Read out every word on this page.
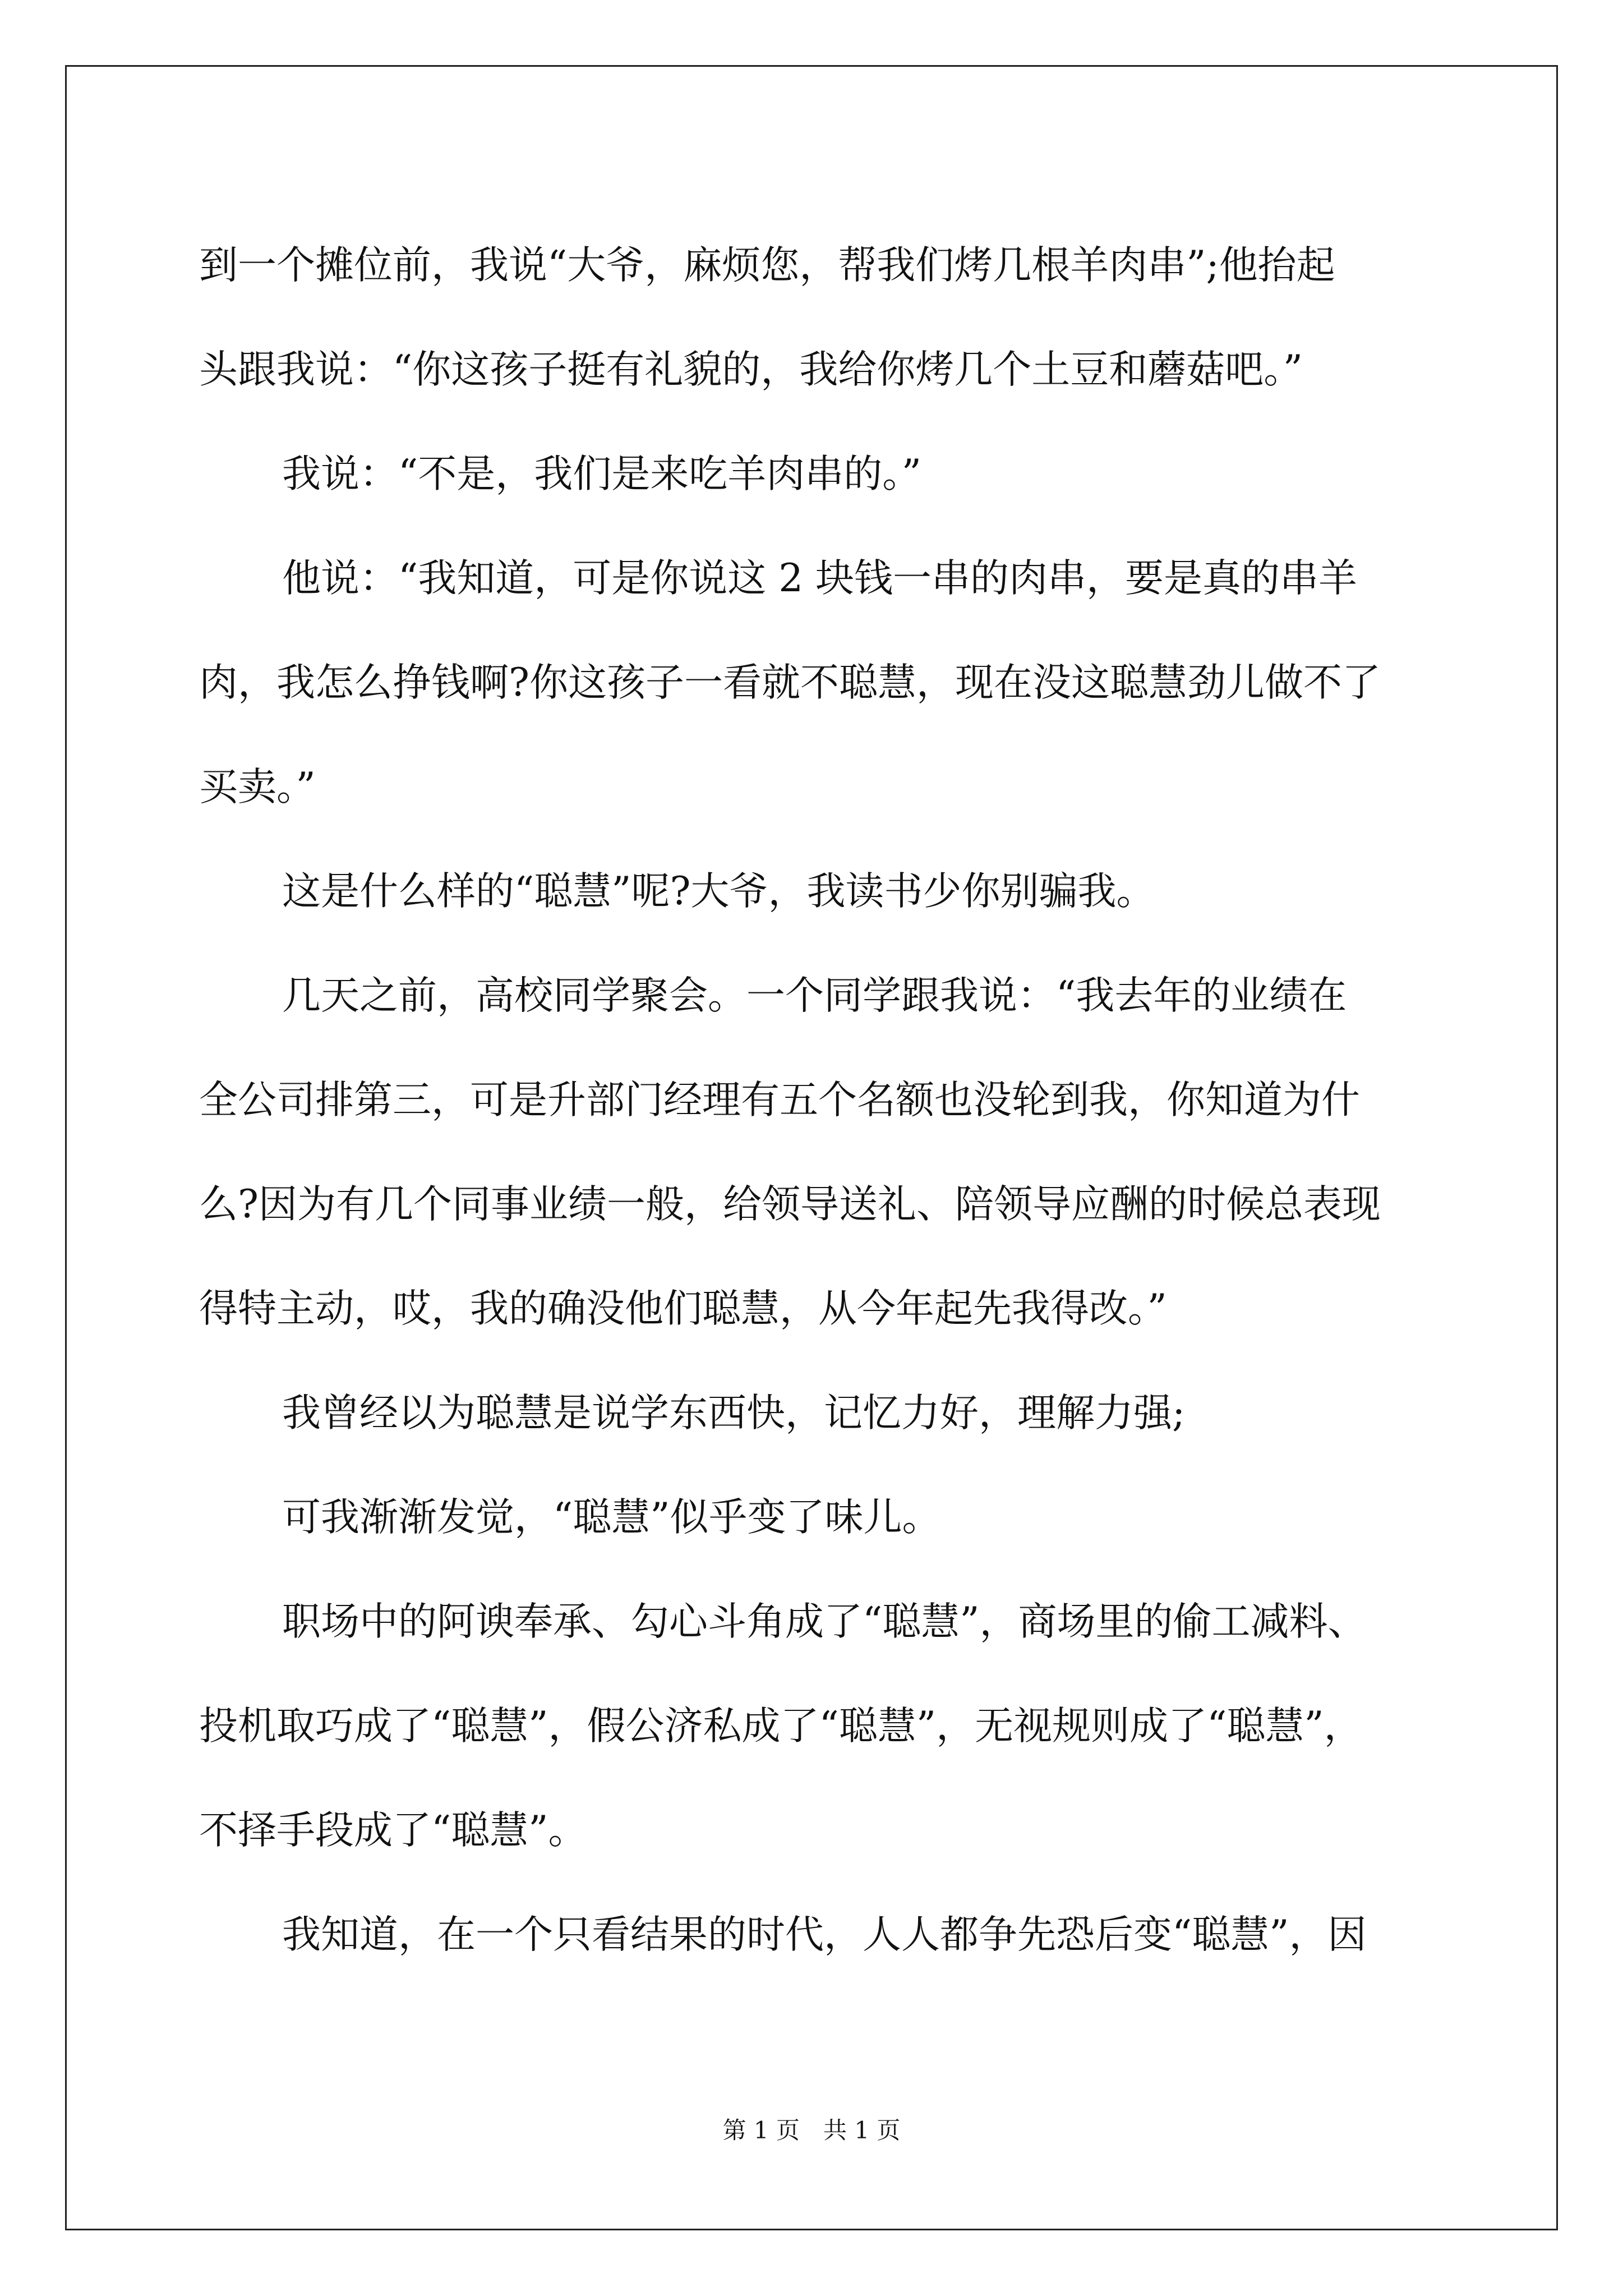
到一个摊位前，我说“大爷，麻烦您，帮我们烤几根羊肉串”;他抬起
头跟我说：“你这孩子挺有礼貌的，我给你烤几个土豆和蘑菇吧。”
我说：“不是，我们是来吃羊肉串的。”
他说：“我知道，可是你说这 2 块钱一串的肉串，要是真的串羊
肉，我怎么挣钱啊?你这孩子一看就不聪慧，现在没这聪慧劲儿做不了
买卖。”
这是什么样的“聪慧”呢?大爷，我读书少你别骗我。
几天之前，高校同学聚会。一个同学跟我说：“我去年的业绩在
全公司排第三，可是升部门经理有五个名额也没轮到我，你知道为什
么?因为有几个同事业绩一般，给领导送礼、陪领导应酬的时候总表现
得特主动，哎，我的确没他们聪慧，从今年起先我得改。”
我曾经以为聪慧是说学东西快，记忆力好，理解力强;
可我渐渐发觉，“聪慧”似乎变了味儿。
职场中的阿谀奉承、勾心斗角成了“聪慧”，商场里的偷工减料、
投机取巧成了“聪慧”，假公济私成了“聪慧”，无视规则成了“聪慧”，
不择手段成了“聪慧”。
我知道，在一个只看结果的时代，人人都争先恐后变“聪慧”，因
第 1 页 共 1 页
